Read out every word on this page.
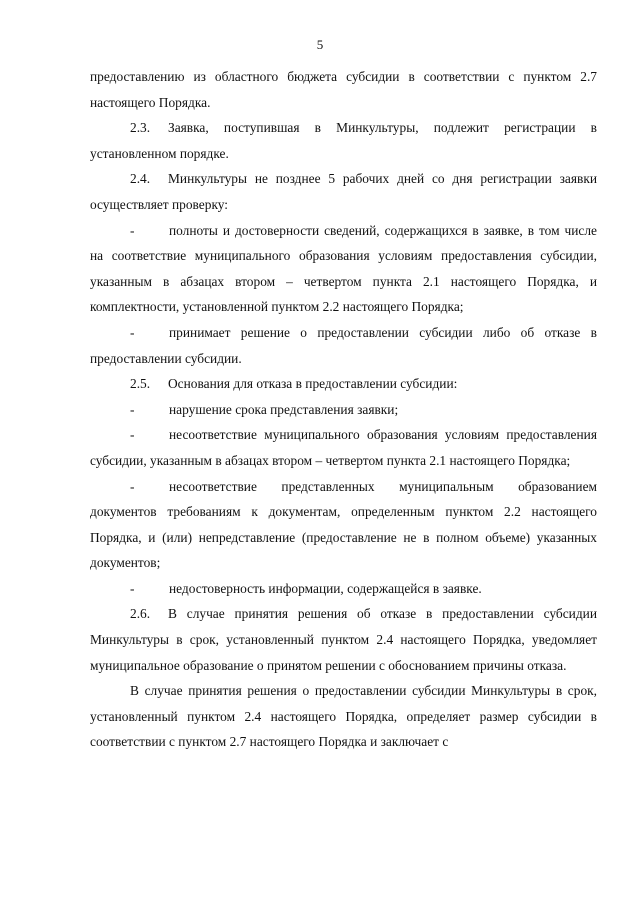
5

предоставлению из областного бюджета субсидии в соответствии с пунктом 2.7 настоящего Порядка.

2.3. Заявка, поступившая в Минкультуры, подлежит регистрации в установленном порядке.

2.4. Минкультуры не позднее 5 рабочих дней со дня регистрации заявки осуществляет проверку:

-	полноты и достоверности сведений, содержащихся в заявке, в том числе на соответствие муниципального образования условиям предоставления субсидии, указанным в абзацах втором – четвертом пункта 2.1 настоящего Порядка, и комплектности, установленной пунктом 2.2 настоящего Порядка;

-	принимает решение о предоставлении субсидии либо об отказе в предоставлении субсидии.

2.5. Основания для отказа в предоставлении субсидии:

-	нарушение срока представления заявки;

-	несоответствие муниципального образования условиям предоставления субсидии, указанным в абзацах втором – четвертом пункта 2.1 настоящего Порядка;

-	несоответствие представленных муниципальным образованием документов требованиям к документам, определенным пунктом 2.2 настоящего Порядка, и (или) непредставление (предоставление не в полном объеме) указанных документов;

-	недостоверность информации, содержащейся в заявке.

2.6. В случае принятия решения об отказе в предоставлении субсидии Минкультуры в срок, установленный пунктом 2.4 настоящего Порядка, уведомляет муниципальное образование о принятом решении с обоснованием причины отказа.

В случае принятия решения о предоставлении субсидии Минкультуры в срок, установленный пунктом 2.4 настоящего Порядка, определяет размер субсидии в соответствии с пунктом 2.7 настоящего Порядка и заключает с
